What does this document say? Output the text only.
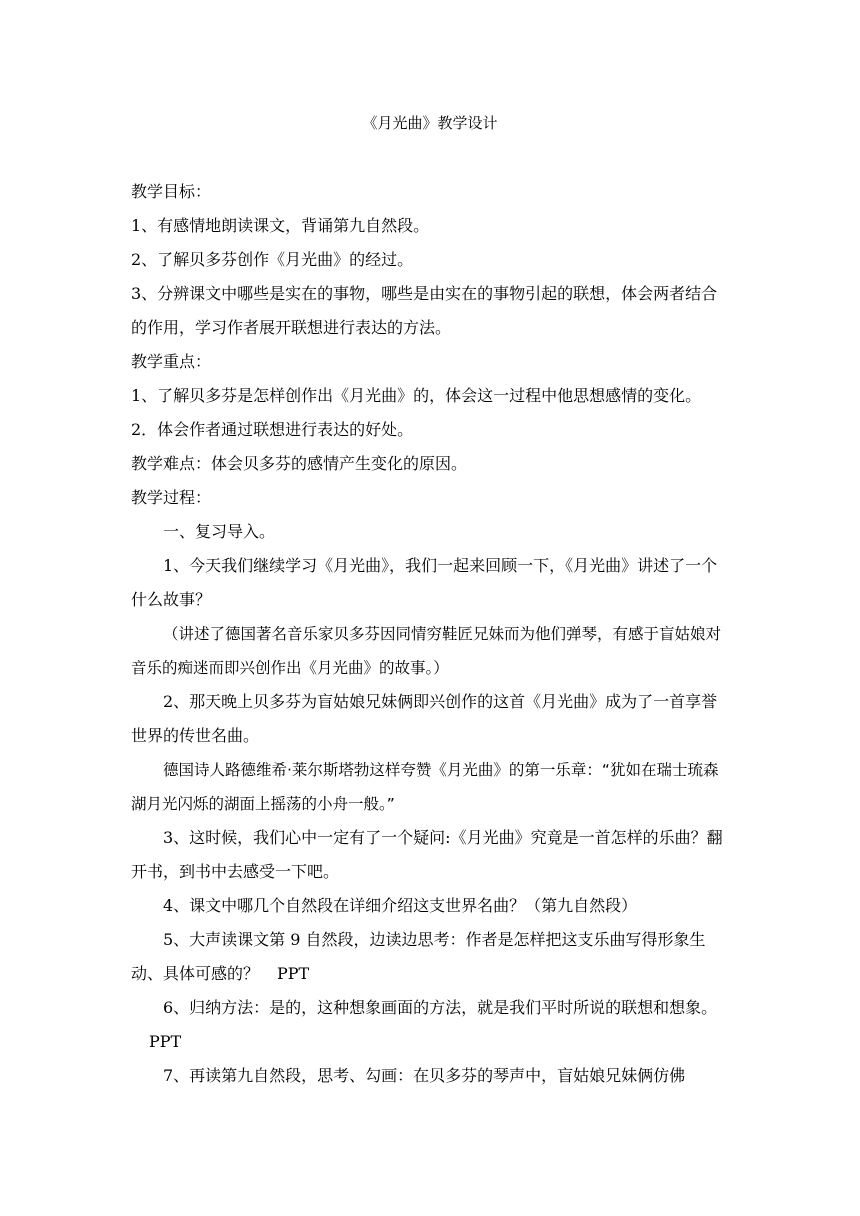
《月光曲》教学设计

教学目标：

1、有感情地朗读课文，背诵第九自然段。

2、了解贝多芬创作《月光曲》的经过。

3、分辨课文中哪些是实在的事物，哪些是由实在的事物引起的联想，体会两者结合的作用，学习作者展开联想进行表达的方法。

教学重点：

1、了解贝多芬是怎样创作出《月光曲》的，体会这一过程中他思想感情的变化。

2．体会作者通过联想进行表达的好处。

教学难点：体会贝多芬的感情产生变化的原因。

教学过程：

一、复习导入。

1、今天我们继续学习《月光曲》，我们一起来回顾一下，《月光曲》讲述了一个什么故事？

（讲述了德国著名音乐家贝多芬因同情穷鞋匠兄妹而为他们弹琴，有感于盲姑娘对音乐的痴迷而即兴创作出《月光曲》的故事。）

2、那天晚上贝多芬为盲姑娘兄妹俩即兴创作的这首《月光曲》成为了一首享誉世界的传世名曲。

德国诗人路德维希·莱尔斯塔勃这样夸赞《月光曲》的第一乐章：“犹如在瑞士琉森湖月光闪烁的湖面上摇荡的小舟一般。”

3、这时候，我们心中一定有了一个疑问:《月光曲》究竟是一首怎样的乐曲？翻开书，到书中去感受一下吧。

4、课文中哪几个自然段在详细介绍这支世界名曲？（第九自然段）

5、大声读课文第 9 自然段，边读边思考：作者是怎样把这支乐曲写得形象生动、具体可感的？ PPT

6、归纳方法：是的，这种想象画面的方法，就是我们平时所说的联想和想象。PPT

7、再读第九自然段，思考、勾画：在贝多芬的琴声中，盲姑娘兄妹俩仿佛
